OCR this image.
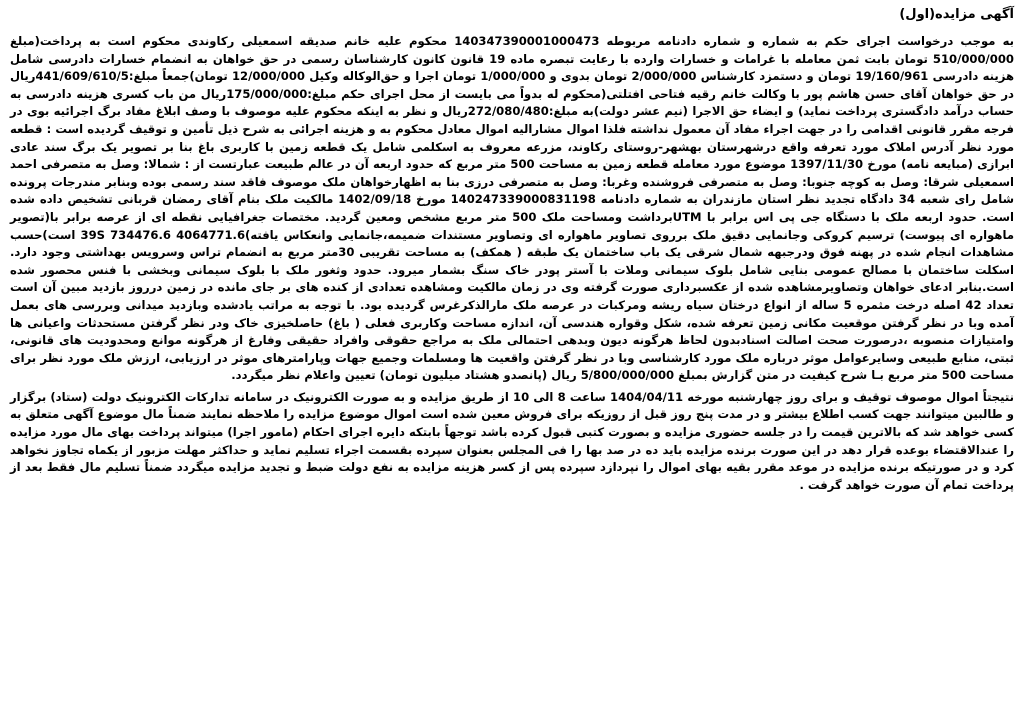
آگهی مزایده(اول)

به موجب درخواست اجرای حکم به شماره و شماره دادنامه مربوطه 140347390001000473 محکوم علیه خانم صدیقه اسمعیلی رکاوندی محکوم است به پرداخت(مبلغ 510/000/000 تومان بابت ثمن معامله با غرامات و خسارات وارده با رعایت تبصره ماده 19 قانون کانون کارشناسان رسمی در حق خواهان به انضمام خسارات دادرسی شامل هزینه دادرسی 19/160/961 تومان و دستمزد کارشناس 2/000/000 تومان بدوی و 1/000/000 تومان اجرا و حق‌الوکاله وکیل 12/000/000 تومان)جمعاً مبلغ:441/609/610/5ریال در حق خواهان آقای حسن هاشم پور با وکالت خانم رقیه فتاحی افتلتی(محکوم له بدواً می بایست از محل اجرای حکم مبلغ:175/000/000ریال من باب کسری هزینه دادرسی به حساب درآمد دادگستری پرداخت نماید) و ایضاء حق الاجرا (نیم عشر دولت)به مبلغ:272/080/480ریال و نظر به اینکه محکوم علیه موصوف با وصف ابلاغ مفاد برگ اجرائیه بوی در فرجه مقرر قانونی اقدامی را در جهت اجراء مفاد آن معمول نداشته فلذا اموال مشارالیه اموال معادل محکوم به و هزینه اجرائی به شرح ذیل تأمین و توقیف گردیده است : قطعه مورد نظر آدرس املاک مورد تعرفه واقع درشهرستان بهشهر-روستای رکاوند، مزرعه معروف به اسکلمی شامل یک قطعه زمین با کاربری باغ بنا بر تصویر یک برگ سند عادی ابرازی (مبایعه نامه) مورخ 1397/11/30 موضوع مورد معامله قطعه زمین به مساحت 500 متر مربع که حدود اربعه آن در عالم طبیعت عبارتست از : شمالا: وصل به متصرفی احمد اسمعیلی شرقا: وصل به کوچه جنوبا: وصل به متصرفی فروشنده وغربا: وصل به متصرفی درزی بنا به اظهارخواهان ملک موصوف فاقد سند رسمی بوده وبنابر مندرجات پرونده شامل رای شعبه 34 دادگاه تجدید نظر استان مازندران به شماره دادنامه 140247339000831198 مورخ 1402/09/18 مالکیت ملک بنام آقای رمضان قربانی تشخیص داده شده است. حدود اربعه ملک با دستگاه جی پی اس برابر با UTMبرداشت ومساحت ملک 500 متر مربع مشخص ومعین گردید. مختصات جغرافیایی نقطه ای از عرصه برابر با(تصویر ماهواره ای پیوست) ترسیم کروکی وجانمایی دقیق ملک برروی تصاویر ماهواره ای وتصاویر مستندات ضمیمه،جانمایی وانعکاس یافته)39S 734476.6 4064771.6 است)حسب مشاهدات انجام شده در پهنه فوق ودرجبهه شمال شرقی یک باب ساختمان یک طبقه ( همکف) به مساحت تقریبی 30متر مربع به انضمام تراس وسرویس بهداشتی وجود دارد. اسکلت ساختمان با مصالح عمومی بنایی شامل بلوک سیمانی وملات با آستر پودر خاک سنگ بشمار میرود. حدود وثغور ملک با بلوک سیمانی وبخشی با فنس محصور شده است.بنابر ادعای خواهان وتصاویرمشاهده شده از عکسبرداری صورت گرفته وی در زمان مالکیت ومشاهده تعدادی از کنده های بر جای مانده در زمین درروز بازدید مبین آن است تعداد 42 اصله درخت مثمره 5 ساله از انواع درختان سیاه ریشه ومرکبات در عرصه ملک مارالذکرغرس گردیده بود. با توجه به مراتب یادشده وبازدید میدانی وبررسی های بعمل آمده وبا در نظر گرفتن موقعیت مکانی زمین تعرفه شده، شکل وقواره هندسی آن، اندازه مساحت وکاربری فعلی ( باغ) حاصلخیزی خاک ودر نظر گرفتن مستحدثات واعیانی ها وامتیازات منصوبه ،درصورت صحت اصالت اسنادبدون لحاظ هرگونه دیون وبدهی احتمالی ملک به مراجع حقوقی وافراد حقیقی وفارغ از هرگونه موانع ومحدودیت های قانونی، ثبتی، منابع طبیعی وسایرعوامل موثر درباره ملک مورد کارشناسی وبا در نظر گرفتن واقعیت ها ومسلمات وجمیع جهات وپارامترهای موثر در ارزیابی، ارزش ملک مورد نظر برای مساحت 500 متر مربع بـا شرح کیفیت در متن گزارش بمبلغ 5/800/000/000 ریال (پانصدو هشتاد میلیون تومان) تعیین واعلام نظر میگردد.

نتیجتاً اموال موصوف توقیف و برای روز چهارشنبه مورخه 1404/04/11 ساعت 8 الی 10 از طریق مزایده و به صورت الکترونیک در سامانه تدارکات الکترونیک دولت (ستاد) برگزار و طالبین میتوانند جهت کسب اطلاع بیشتر و در مدت پنج روز قبل از روزیکه برای فروش معین شده است اموال موضوع مزایده را ملاحظه نمایند ضمناً مال موضوع آگهی متعلق به کسی خواهد شد که بالاترین قیمت را در جلسه حضوری مزایده و بصورت کتبی قبول کرده باشد توجهاً بابتکه دایره اجرای احکام (مامور اجرا) میتواند پرداخت بهای مال مورد مزایده را عندالاقتضاء بوعده قرار دهد در این صورت برنده مزایده باید ده در صد بها را فی المجلس بعنوان سپرده بقسمت اجراء تسلیم نماید و حداکثر مهلت مزبور از یکماه تجاوز نخواهد کرد و در صورتیکه برنده مزایده در موعد مقرر بقیه بهای اموال را نپردازد سپرده پس از کسر هزینه مزایده به نفع دولت ضبط و تجدید مزایده میگردد ضمناً تسلیم مال فقط بعد از پرداخت تمام آن صورت خواهد گرفت .
